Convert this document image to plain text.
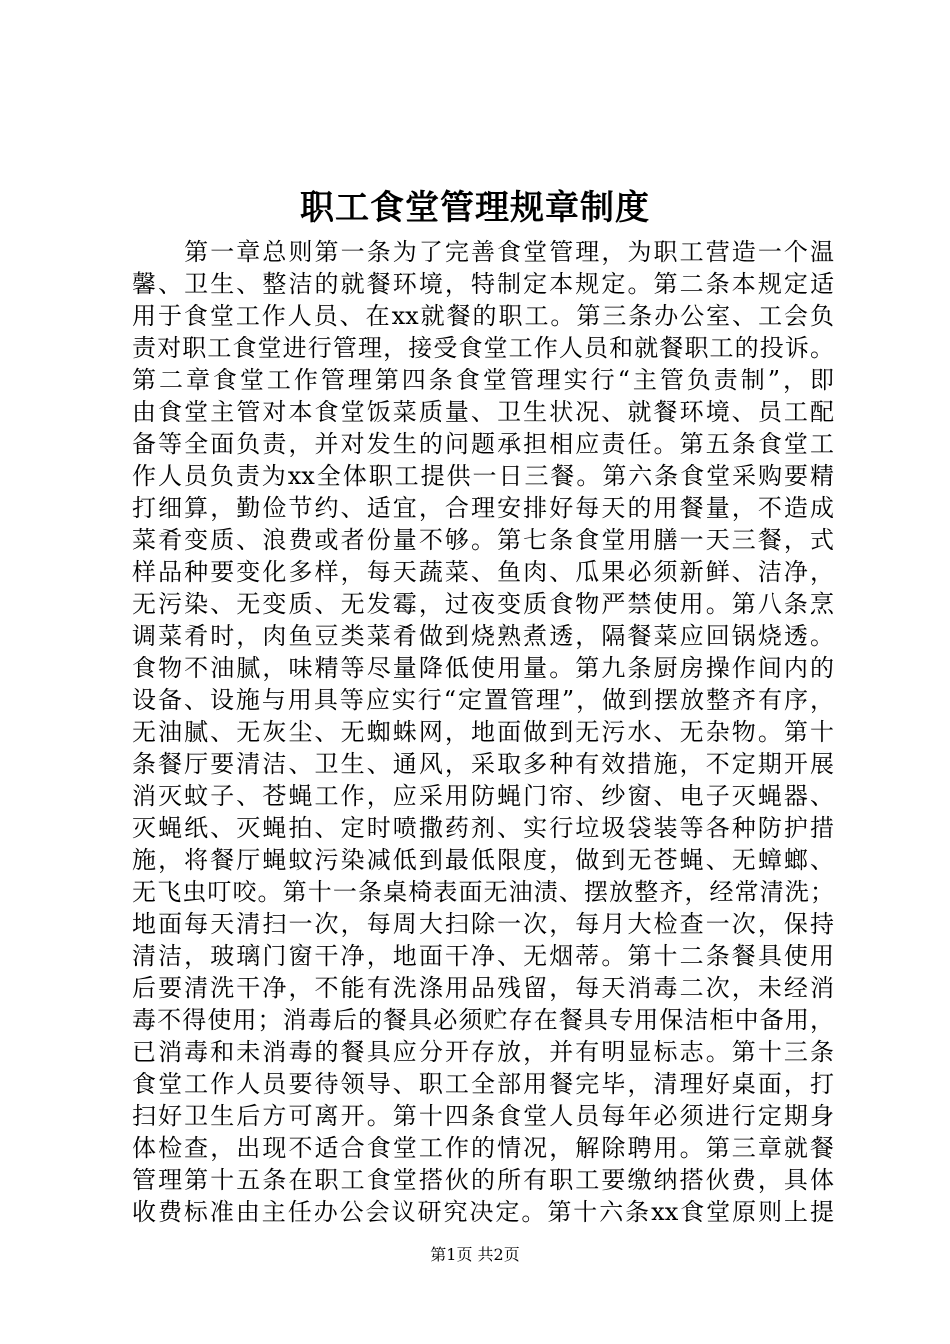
职工食堂管理规章制度
　　第一章总则第一条为了完善食堂管理，为职工营造一个温
馨、卫生、整洁的就餐环境，特制定本规定。第二条本规定适
用于食堂工作人员、在xx就餐的职工。第三条办公室、工会负
责对职工食堂进行管理，接受食堂工作人员和就餐职工的投诉。
第二章食堂工作管理第四条食堂管理实行“主管负责制”，即
由食堂主管对本食堂饭菜质量、卫生状况、就餐环境、员工配
备等全面负责，并对发生的问题承担相应责任。第五条食堂工
作人员负责为xx全体职工提供一日三餐。第六条食堂采购要精
打细算，勤俭节约、适宜，合理安排好每天的用餐量，不造成
菜肴变质、浪费或者份量不够。第七条食堂用膳一天三餐，式
样品种要变化多样，每天蔬菜、鱼肉、瓜果必须新鲜、洁净，
无污染、无变质、无发霉，过夜变质食物严禁使用。第八条烹
调菜肴时，肉鱼豆类菜肴做到烧熟煮透，隔餐菜应回锅烧透。
食物不油腻，味精等尽量降低使用量。第九条厨房操作间内的
设备、设施与用具等应实行“定置管理”，做到摆放整齐有序，
无油腻、无灰尘、无蜘蛛网，地面做到无污水、无杂物。第十
条餐厅要清洁、卫生、通风，采取多种有效措施，不定期开展
消灭蚊子、苍蝇工作，应采用防蝇门帘、纱窗、电子灭蝇器、
灭蝇纸、灭蝇拍、定时喷撒药剂、实行垃圾袋装等各种防护措
施，将餐厅蝇蚊污染减低到最低限度，做到无苍蝇、无蟑螂、
无飞虫叮咬。第十一条桌椅表面无油渍、摆放整齐，经常清洗；
地面每天清扫一次，每周大扫除一次，每月大检查一次，保持
清洁，玻璃门窗干净，地面干净、无烟蒂。第十二条餐具使用
后要清洗干净，不能有洗涤用品残留，每天消毒二次，未经消
毒不得使用；消毒后的餐具必须贮存在餐具专用保洁柜中备用，
已消毒和未消毒的餐具应分开存放，并有明显标志。第十三条
食堂工作人员要待领导、职工全部用餐完毕，清理好桌面，打
扫好卫生后方可离开。第十四条食堂人员每年必须进行定期身
体检查，出现不适合食堂工作的情况，解除聘用。第三章就餐
管理第十五条在职工食堂搭伙的所有职工要缴纳搭伙费，具体
收费标准由主任办公会议研究决定。第十六条xx食堂原则上提
第1页 共2页
